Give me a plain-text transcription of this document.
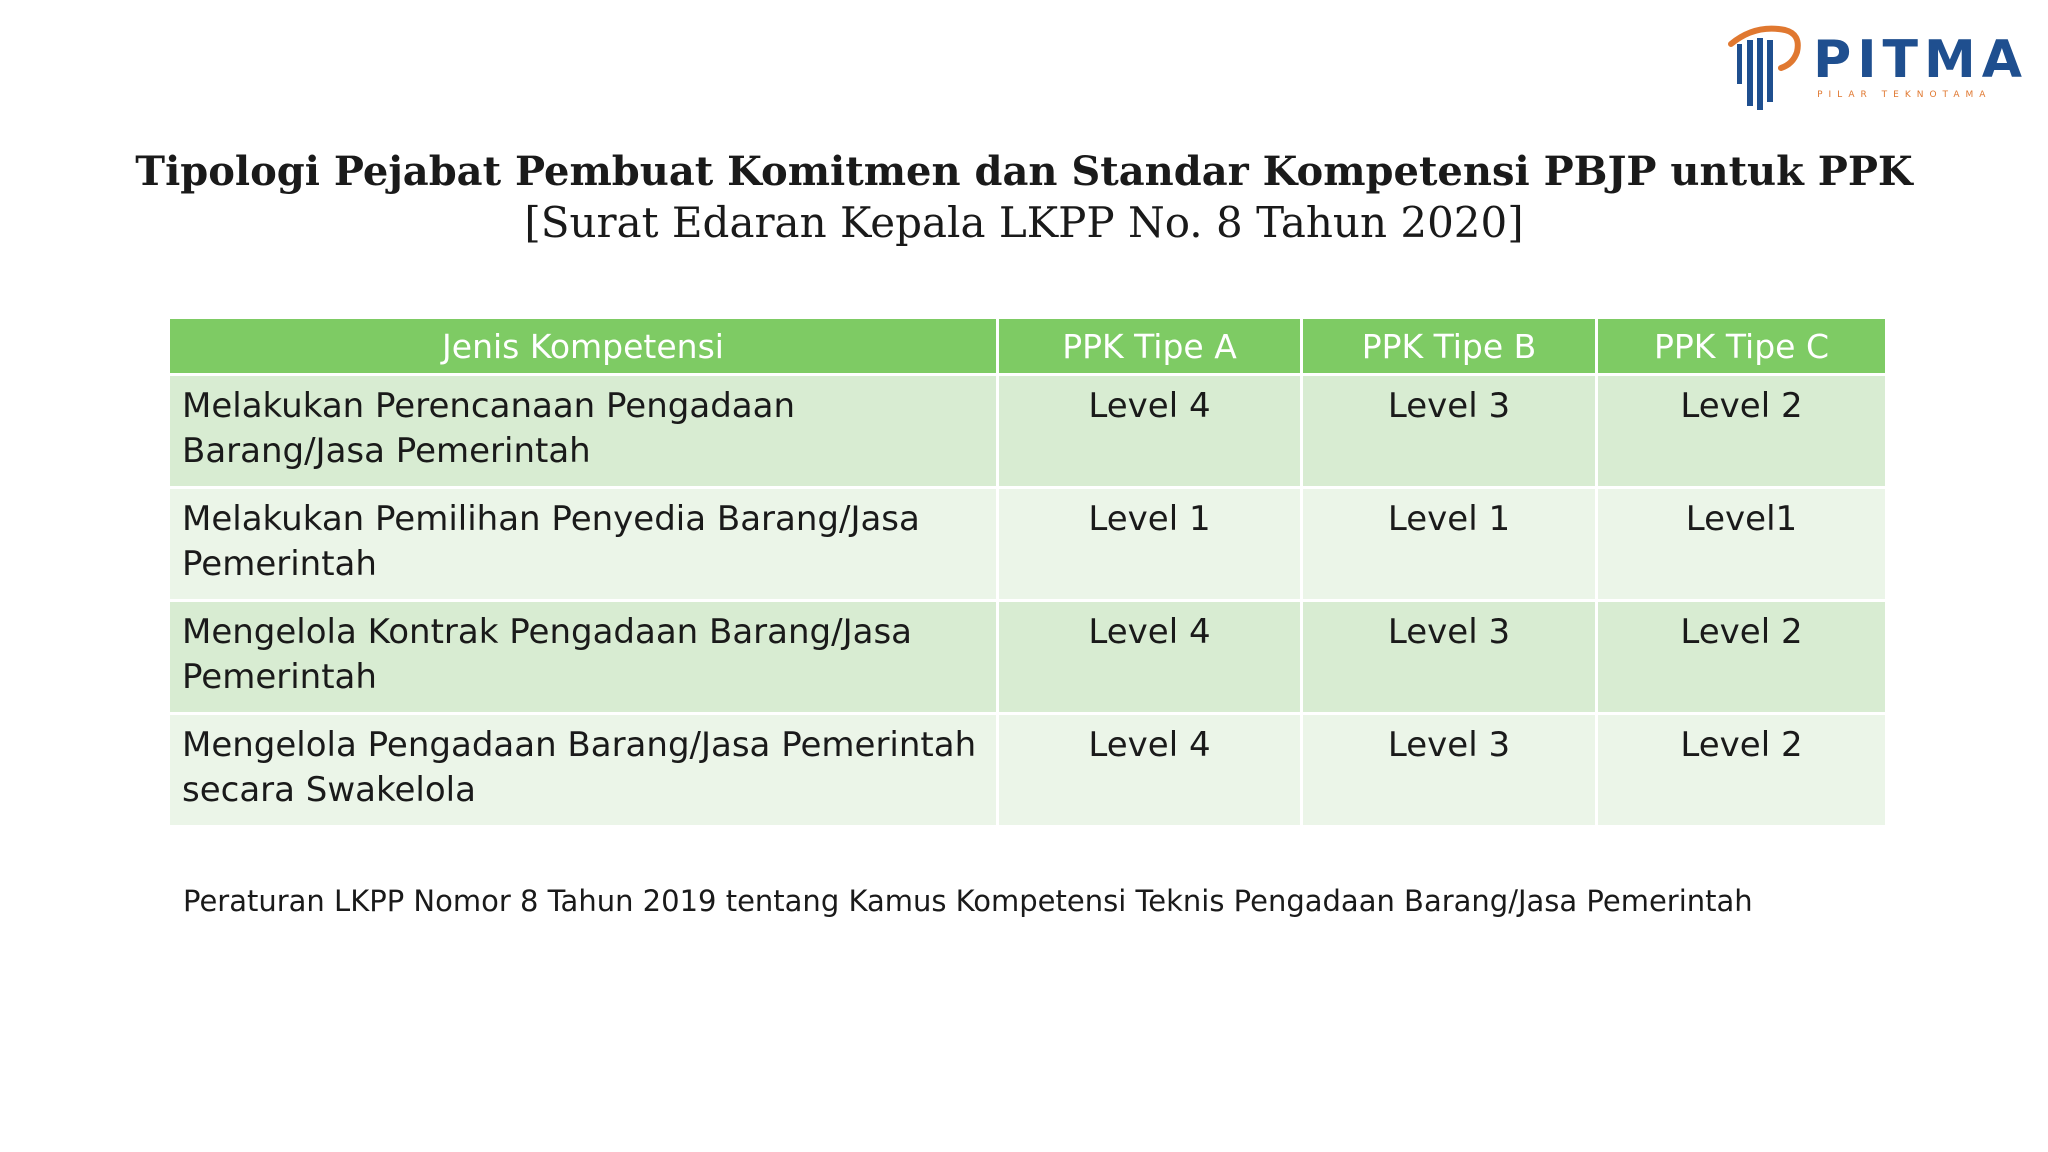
PITMA
PILAR TEKNOTAMA
Tipologi Pejabat Pembuat Komitmen dan Standar Kompetensi PBJP untuk PPK
[Surat Edaran Kepala LKPP No. 8 Tahun 2020]
Jenis Kompetensi	PPK Tipe A	PPK Tipe B	PPK Tipe C
Melakukan Perencanaan Pengadaan Barang/Jasa Pemerintah	Level 4	Level 3	Level 2
Melakukan Pemilihan Penyedia Barang/Jasa Pemerintah	Level 1	Level 1	Level1
Mengelola Kontrak Pengadaan Barang/Jasa Pemerintah	Level 4	Level 3	Level 2
Mengelola Pengadaan Barang/Jasa Pemerintah secara Swakelola	Level 4	Level 3	Level 2
Peraturan LKPP Nomor 8 Tahun 2019 tentang Kamus Kompetensi Teknis Pengadaan Barang/Jasa Pemerintah
